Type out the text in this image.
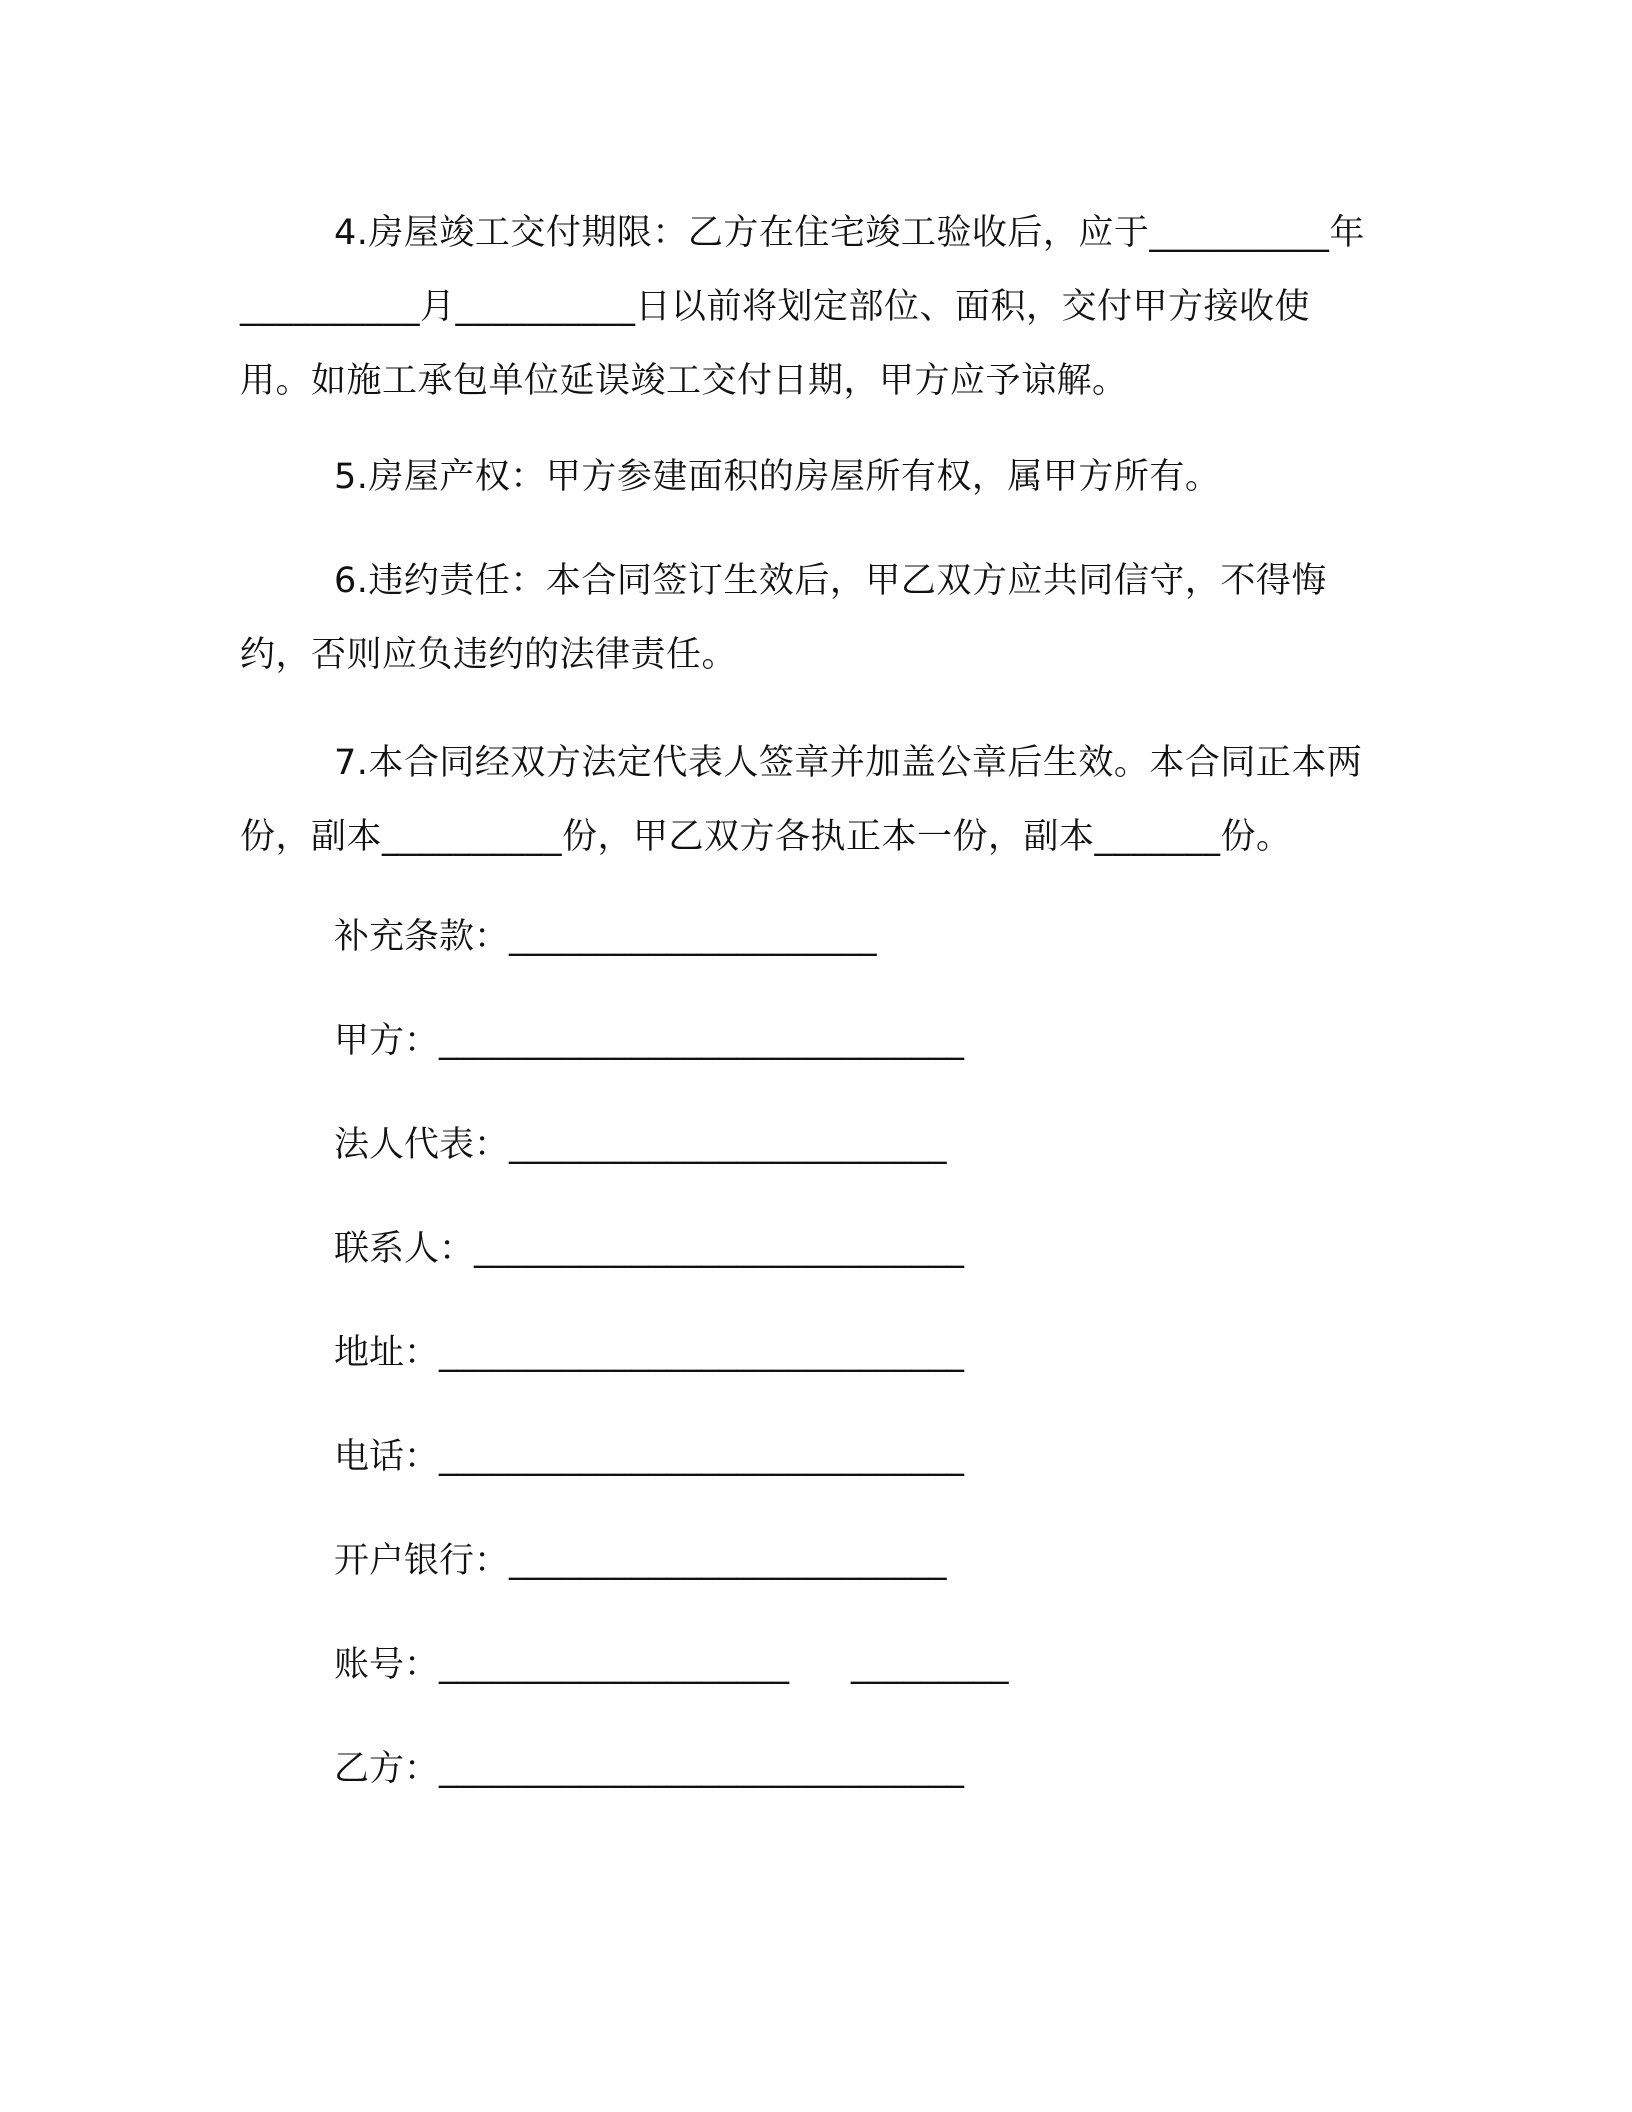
4.房屋竣工交付期限：乙方在住宅竣工验收后，应于__________年__________月__________日以前将划定部位、面积，交付甲方接收使用。如施工承包单位延误竣工交付日期，甲方应予谅解。

5.房屋产权：甲方参建面积的房屋所有权，属甲方所有。

6.违约责任：本合同签订生效后，甲乙双方应共同信守，不得悔约，否则应负违约的法律责任。

7.本合同经双方法定代表人签章并加盖公章后生效。本合同正本两份，副本__________份，甲乙双方各执正本一份，副本_______份。

补充条款：_____________________
甲方：______________________________
法人代表：_________________________
联系人：____________________________
地址：______________________________
电话：______________________________
开户银行：_________________________
账号：____________________ _________
乙方：______________________________
